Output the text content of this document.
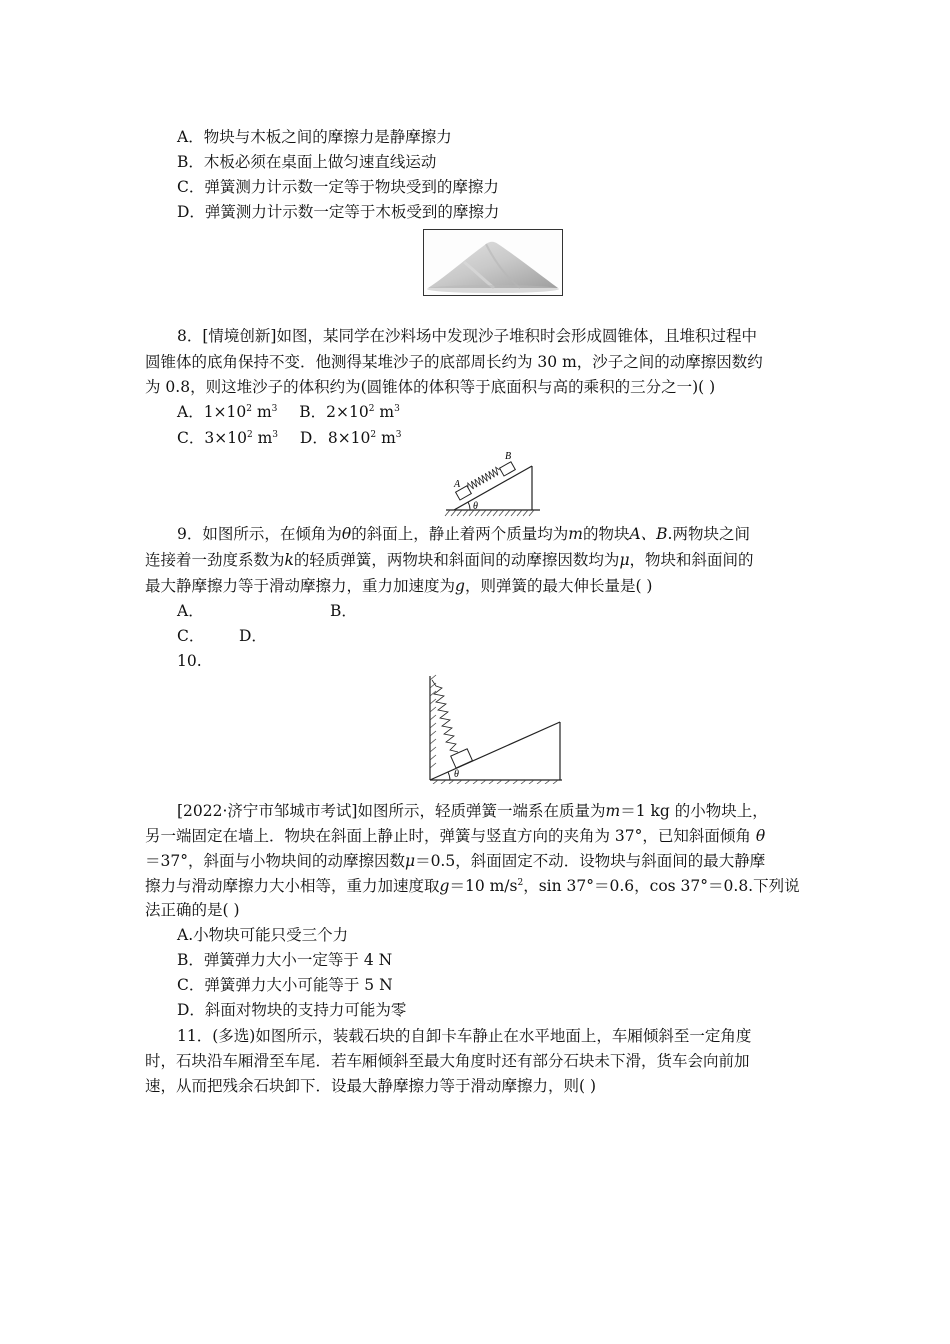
A．物块与木板之间的摩擦力是静摩擦力
B．木板必须在桌面上做匀速直线运动
C．弹簧测力计示数一定等于物块受到的摩擦力
D．弹簧测力计示数一定等于木板受到的摩擦力
8．[情境创新]如图，某同学在沙料场中发现沙子堆积时会形成圆锥体，且堆积过程中
圆锥体的底角保持不变．他测得某堆沙子的底部周长约为 30 m，沙子之间的动摩擦因数约
为 0.8，则这堆沙子的体积约为(圆锥体的体积等于底面积与高的乘积的三分之一)( )
A．$1\times 10^2$ $m^3$ B．$2\times 10^2$ $m^3$
C．$3\times 10^2$ $m^3$ D．$8\times 10^2$ $m^3$
A
B
θ
9．如图所示，在倾角为θ的斜面上，静止着两个质量均为m的物块A、B.两物块之间
连接着一劲度系数为k的轻质弹簧，两物块和斜面间的动摩擦因数均为μ，物块和斜面间的
最大静摩擦力等于滑动摩擦力，重力加速度为g，则弹簧的最大伸长量是( )
A．	B．
C． D．
10.
θ
[2022·济宁市邹城市考试]如图所示，轻质弹簧一端系在质量为m＝1 kg 的小物块上，
另一端固定在墙上．物块在斜面上静止时，弹簧与竖直方向的夹角为 37°，已知斜面倾角 θ
＝37°，斜面与小物块间的动摩擦因数μ＝0.5，斜面固定不动．设物块与斜面间的最大静摩
擦力与滑动摩擦力大小相等，重力加速度取g＝10 $m/s^2$，sin 37°＝0.6，cos 37°＝0.8.下列说
法正确的是( )
A.小物块可能只受三个力
B．弹簧弹力大小一定等于 4 N
C．弹簧弹力大小可能等于 5 N
D．斜面对物块的支持力可能为零
11．(多选)如图所示，装载石块的自卸卡车静止在水平地面上，车厢倾斜至一定角度
时，石块沿车厢滑至车尾．若车厢倾斜至最大角度时还有部分石块未下滑，货车会向前加
速，从而把残余石块卸下．设最大静摩擦力等于滑动摩擦力，则( )
